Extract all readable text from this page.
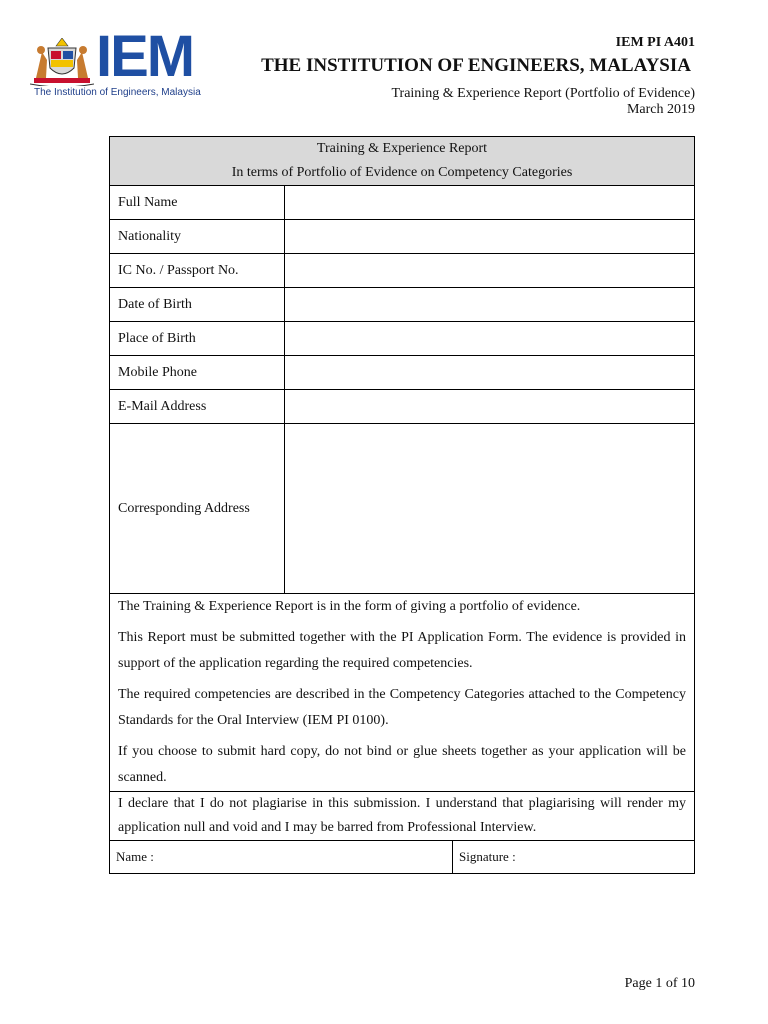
IEM
The Institution of Engineers, Malaysia
IEM PI A401
THE INSTITUTION OF ENGINEERS, MALAYSIA
Training & Experience Report (Portfolio of Evidence)
March 2019
Training & Experience Report
In terms of Portfolio of Evidence on Competency Categories

Full Name	
Nationality	
IC No. / Passport No.	
Date of Birth	
Place of Birth	
Mobile Phone	
E-Mail Address	
Corresponding Address	

The Training & Experience Report is in the form of giving a portfolio of evidence.

This Report must be submitted together with the PI Application Form. The evidence is provided in support of the application regarding the required competencies.

The required competencies are described in the Competency Categories attached to the Competency Standards for the Oral Interview (IEM PI 0100).

If you choose to submit hard copy, do not bind or glue sheets together as your application will be scanned.

I declare that I do not plagiarise in this submission. I understand that plagiarising will render my application null and void and I may be barred from Professional Interview.

Name :	Signature :
Page 1 of 10
